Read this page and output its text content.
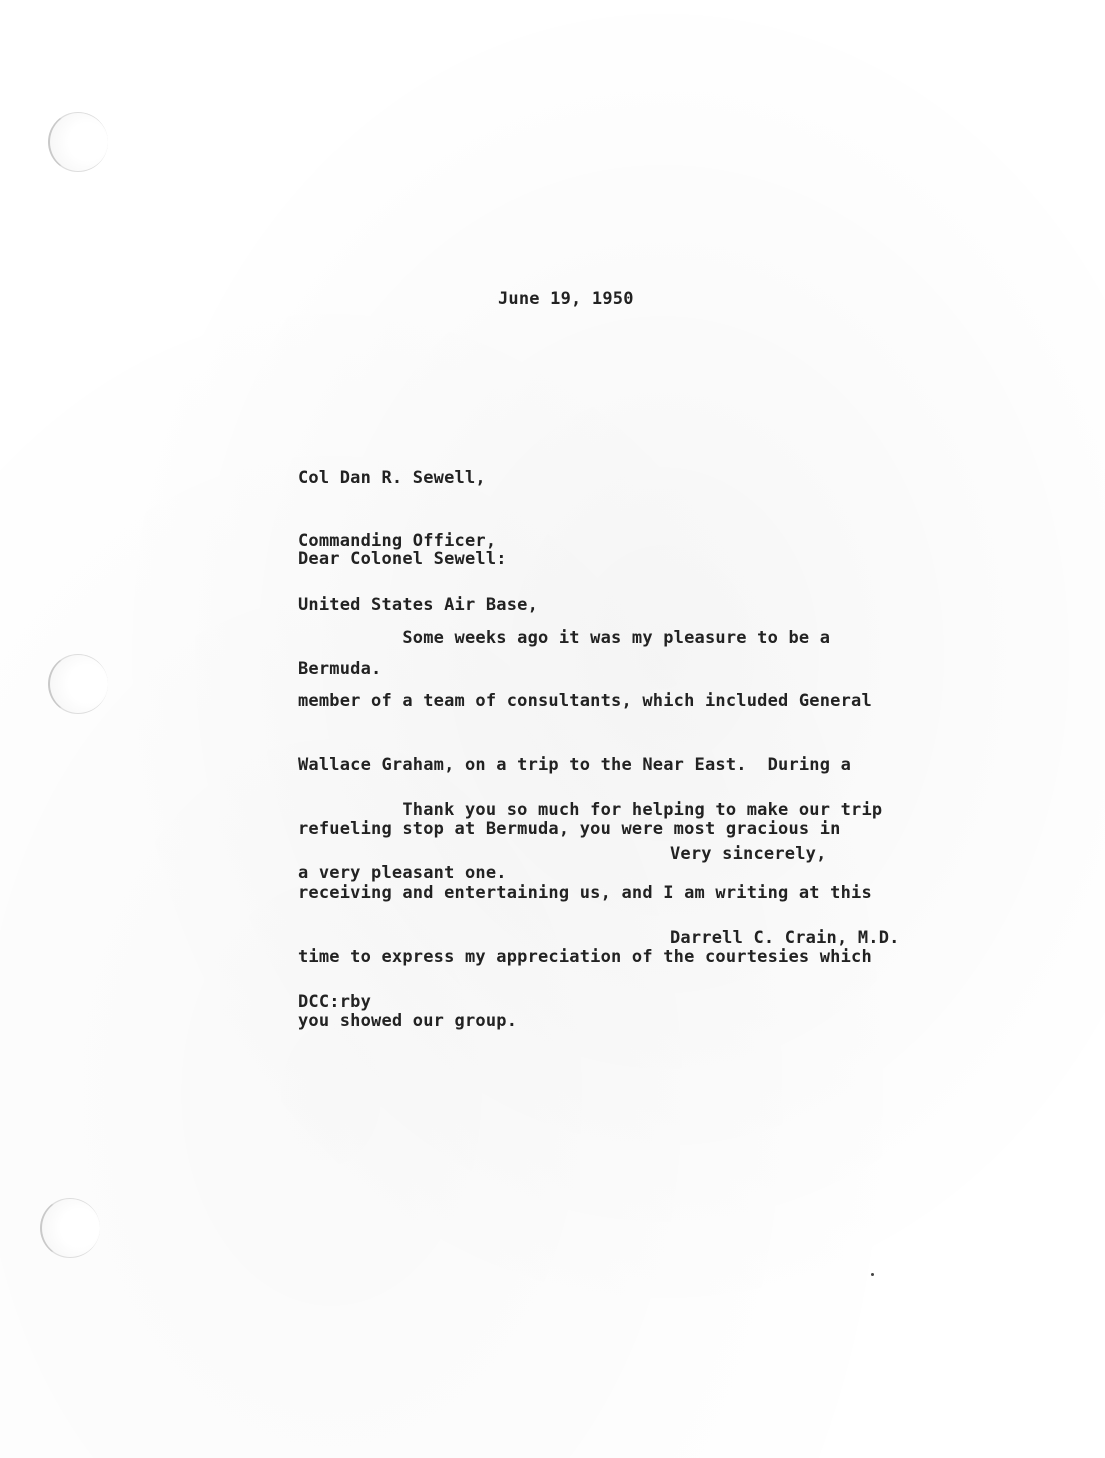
June 19, 1950

Col Dan R. Sewell,

Commanding Officer,

United States Air Base,

Bermuda.

Dear Colonel Sewell:

Some weeks ago it was my pleasure to be a

member of a team of consultants, which included General

Wallace Graham, on a trip to the Near East.  During a

refueling stop at Bermuda, you were most gracious in

receiving and entertaining us, and I am writing at this

time to express my appreciation of the courtesies which

you showed our group.

Thank you so much for helping to make our trip

a very pleasant one.

Very sincerely,
Darrell C. Crain, M.D.
DCC:rby
